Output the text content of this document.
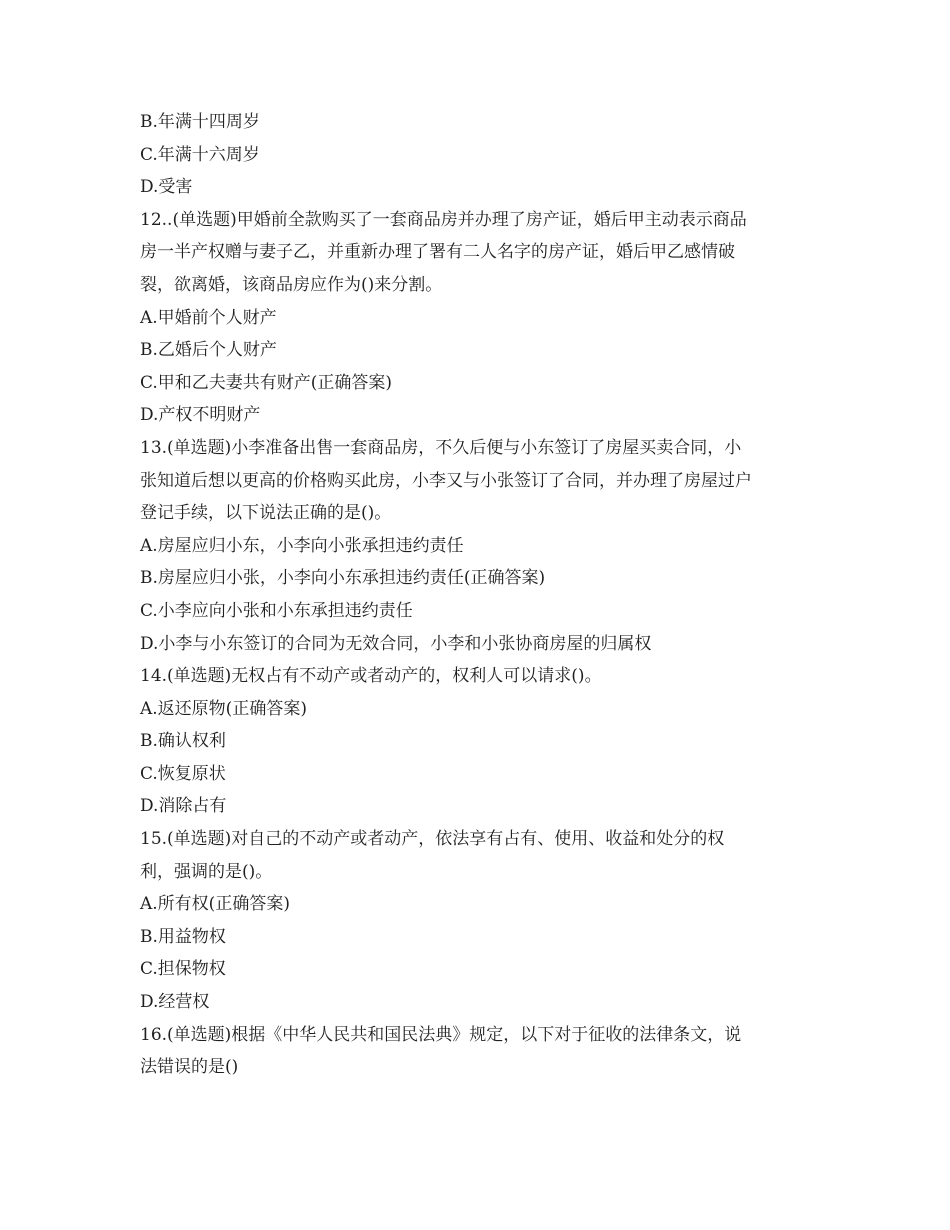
B.年满十四周岁
C.年满十六周岁
D.受害
12..(单选题)甲婚前全款购买了一套商品房并办理了房产证，婚后甲主动表示商品
房一半产权赠与妻子乙，并重新办理了署有二人名字的房产证，婚后甲乙感情破
裂，欲离婚，该商品房应作为()来分割。
A.甲婚前个人财产
B.乙婚后个人财产
C.甲和乙夫妻共有财产(正确答案)
D.产权不明财产
13.(单选题)小李准备出售一套商品房，不久后便与小东签订了房屋买卖合同，小
张知道后想以更高的价格购买此房，小李又与小张签订了合同，并办理了房屋过户
登记手续，以下说法正确的是()。
A.房屋应归小东，小李向小张承担违约责任
B.房屋应归小张，小李向小东承担违约责任(正确答案)
C.小李应向小张和小东承担违约责任
D.小李与小东签订的合同为无效合同，小李和小张协商房屋的归属权
14.(单选题)无权占有不动产或者动产的，权利人可以请求()。
A.返还原物(正确答案)
B.确认权利
C.恢复原状
D.消除占有
15.(单选题)对自己的不动产或者动产，依法享有占有、使用、收益和处分的权
利，强调的是()。
A.所有权(正确答案)
B.用益物权
C.担保物权
D.经营权
16.(单选题)根据《中华人民共和国民法典》规定，以下对于征收的法律条文，说
法错误的是()
